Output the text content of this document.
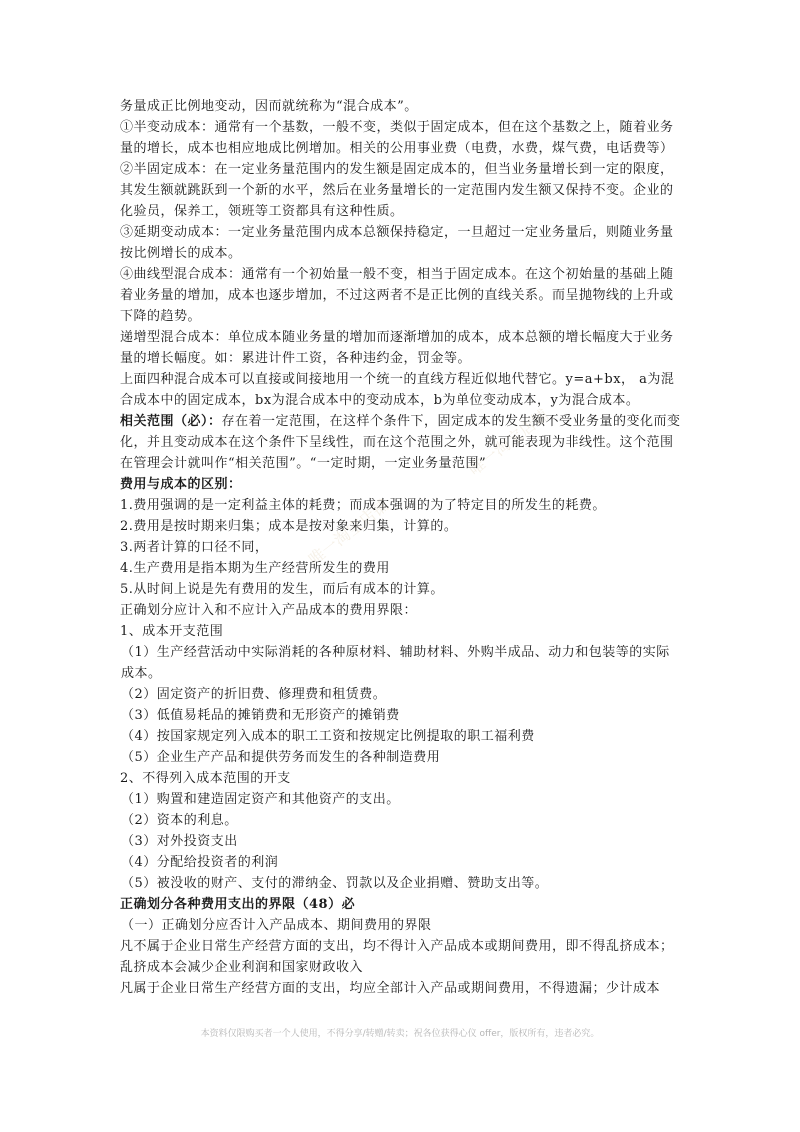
唯一淘宝店铺
唯一淘宝店铺

务量成正比例地变动，因而就统称为“混合成本”。

①半变动成本：通常有一个基数，一般不变，类似于固定成本，但在这个基数之上，随着业务量的增长，成本也相应地成比例增加。相关的公用事业费（电费，水费，煤气费，电话费等）

②半固定成本：在一定业务量范围内的发生额是固定成本的，但当业务量增长到一定的限度，其发生额就跳跃到一个新的水平，然后在业务量增长的一定范围内发生额又保持不变。企业的化验员，保养工，领班等工资都具有这种性质。

③延期变动成本：一定业务量范围内成本总额保持稳定，一旦超过一定业务量后，则随业务量按比例增长的成本。

④曲线型混合成本：通常有一个初始量一般不变，相当于固定成本。在这个初始量的基础上随着业务量的增加，成本也逐步增加，不过这两者不是正比例的直线关系。而呈抛物线的上升或下降的趋势。

递增型混合成本：单位成本随业务量的增加而逐渐增加的成本，成本总额的增长幅度大于业务量的增长幅度。如：累进计件工资，各种违约金，罚金等。

上面四种混合成本可以直接或间接地用一个统一的直线方程近似地代替它。y=a+bx， a为混合成本中的固定成本，bx为混合成本中的变动成本，b为单位变动成本，y为混合成本。

相关范围（必）：存在着一定范围，在这样个条件下，固定成本的发生额不受业务量的变化而变化，并且变动成本在这个条件下呈线性，而在这个范围之外，就可能表现为非线性。这个范围在管理会计就叫作“相关范围”。“一定时期，一定业务量范围”

费用与成本的区别：

1.费用强调的是一定利益主体的耗费；而成本强调的为了特定目的所发生的耗费。

2.费用是按时期来归集；成本是按对象来归集，计算的。

3.两者计算的口径不同，

4.生产费用是指本期为生产经营所发生的费用

5.从时间上说是先有费用的发生，而后有成本的计算。

正确划分应计入和不应计入产品成本的费用界限：

1、成本开支范围

（1）生产经营活动中实际消耗的各种原材料、辅助材料、外购半成品、动力和包装等的实际成本。

（2）固定资产的折旧费、修理费和租赁费。

（3）低值易耗品的摊销费和无形资产的摊销费

（4）按国家规定列入成本的职工工资和按规定比例提取的职工福利费

（5）企业生产产品和提供劳务而发生的各种制造费用

2、不得列入成本范围的开支

（1）购置和建造固定资产和其他资产的支出。

（2）资本的利息。

（3）对外投资支出

（4）分配给投资者的利润

（5）被没收的财产、支付的滞纳金、罚款以及企业捐赠、赞助支出等。

正确划分各种费用支出的界限（48）必

（一）正确划分应否计入产品成本、期间费用的界限

凡不属于企业日常生产经营方面的支出，均不得计入产品成本或期间费用，即不得乱挤成本；乱挤成本会减少企业利润和国家财政收入

凡属于企业日常生产经营方面的支出，均应全部计入产品或期间费用，不得遗漏；少计成本

本资料仅限购买者一个人使用，不得分享/转赠/转卖；祝各位获得心仪 offer，版权所有，违者必究。
